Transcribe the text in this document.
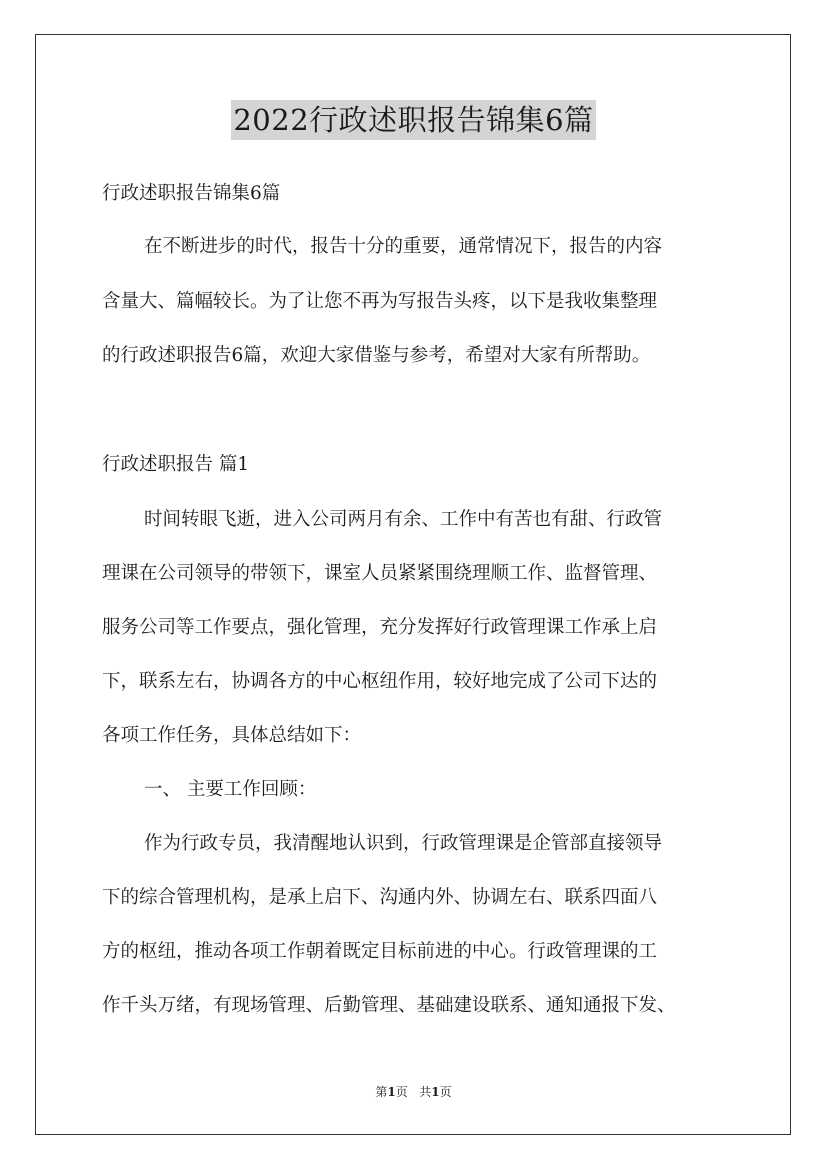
2022行政述职报告锦集6篇
行政述职报告锦集6篇
在不断进步的时代，报告十分的重要，通常情况下，报告的内容
含量大、篇幅较长。为了让您不再为写报告头疼，以下是我收集整理
的行政述职报告6篇，欢迎大家借鉴与参考，希望对大家有所帮助。
行政述职报告 篇1
时间转眼飞逝，进入公司两月有余、工作中有苦也有甜、行政管
理课在公司领导的带领下，课室人员紧紧围绕理顺工作、监督管理、
服务公司等工作要点，强化管理，充分发挥好行政管理课工作承上启
下，联系左右，协调各方的中心枢纽作用，较好地完成了公司下达的
各项工作任务，具体总结如下：
一、 主要工作回顾：
作为行政专员，我清醒地认识到，行政管理课是企管部直接领导
下的综合管理机构，是承上启下、沟通内外、协调左右、联系四面八
方的枢纽，推动各项工作朝着既定目标前进的中心。行政管理课的工
作千头万绪，有现场管理、后勤管理、基础建设联系、通知通报下发、
第1页   共1页
